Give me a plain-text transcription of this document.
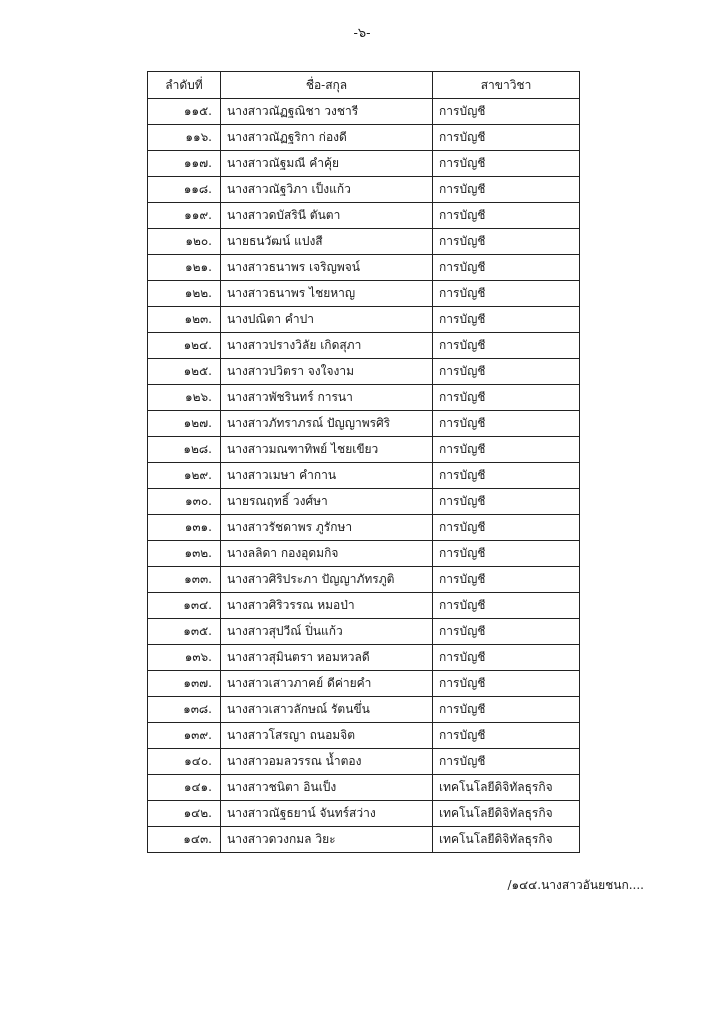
-๖-
ลำดับที่	ชื่อ-สกุล	สาขาวิชา
๑๑๕.	นางสาวณัฏฐณิชา วงชารี	การบัญชี
๑๑๖.	นางสาวณัฏฐริกา ก่องดี	การบัญชี
๑๑๗.	นางสาวณัฐมณี คำคุ้ย	การบัญชี
๑๑๘.	นางสาวณัฐวิภา เป็งแก้ว	การบัญชี
๑๑๙.	นางสาวดบัสรินี ตันตา	การบัญชี
๑๒๐.	นายธนวัฒน์ แปงสี	การบัญชี
๑๒๑.	นางสาวธนาพร เจริญพจน์	การบัญชี
๑๒๒.	นางสาวธนาพร ไชยหาญ	การบัญชี
๑๒๓.	นางปณิตา คำปา	การบัญชี
๑๒๔.	นางสาวปรางวิลัย เกิดสุภา	การบัญชี
๑๒๕.	นางสาวปวิตรา จงใจงาม	การบัญชี
๑๒๖.	นางสาวพัชรินทร์ การนา	การบัญชี
๑๒๗.	นางสาวภัทราภรณ์ ปัญญาพรศิริ	การบัญชี
๑๒๘.	นางสาวมณฑาทิพย์ ไชยเขียว	การบัญชี
๑๒๙.	นางสาวเมษา คำกาน	การบัญชี
๑๓๐.	นายรณฤทธิ์ วงศ์ษา	การบัญชี
๑๓๑.	นางสาวรัชดาพร ภูรักษา	การบัญชี
๑๓๒.	นางลลิดา กองอุดมกิจ	การบัญชี
๑๓๓.	นางสาวศิริประภา ปัญญาภัทรภูติ	การบัญชี
๑๓๔.	นางสาวศิริวรรณ หมอป่า	การบัญชี
๑๓๕.	นางสาวสุปวีณ์ ปิ่นแก้ว	การบัญชี
๑๓๖.	นางสาวสุมินตรา หอมหวลดี	การบัญชี
๑๓๗.	นางสาวเสาวภาคย์ ดีค่ายคำ	การบัญชี
๑๓๘.	นางสาวเสาวลักษณ์ รัตนขึ่น	การบัญชี
๑๓๙.	นางสาวโสรญา ถนอมจิต	การบัญชี
๑๔๐.	นางสาวอมลวรรณ น้ำตอง	การบัญชี
๑๔๑.	นางสาวชนิตา อินเป็ง	เทคโนโลยีดิจิทัลธุรกิจ
๑๔๒.	นางสาวณัฐธยาน์ จันทร์สว่าง	เทคโนโลยีดิจิทัลธุรกิจ
๑๔๓.	นางสาวดวงกมล วิยะ	เทคโนโลยีดิจิทัลธุรกิจ
/๑๔๔.นางสาวอันยชนก....
